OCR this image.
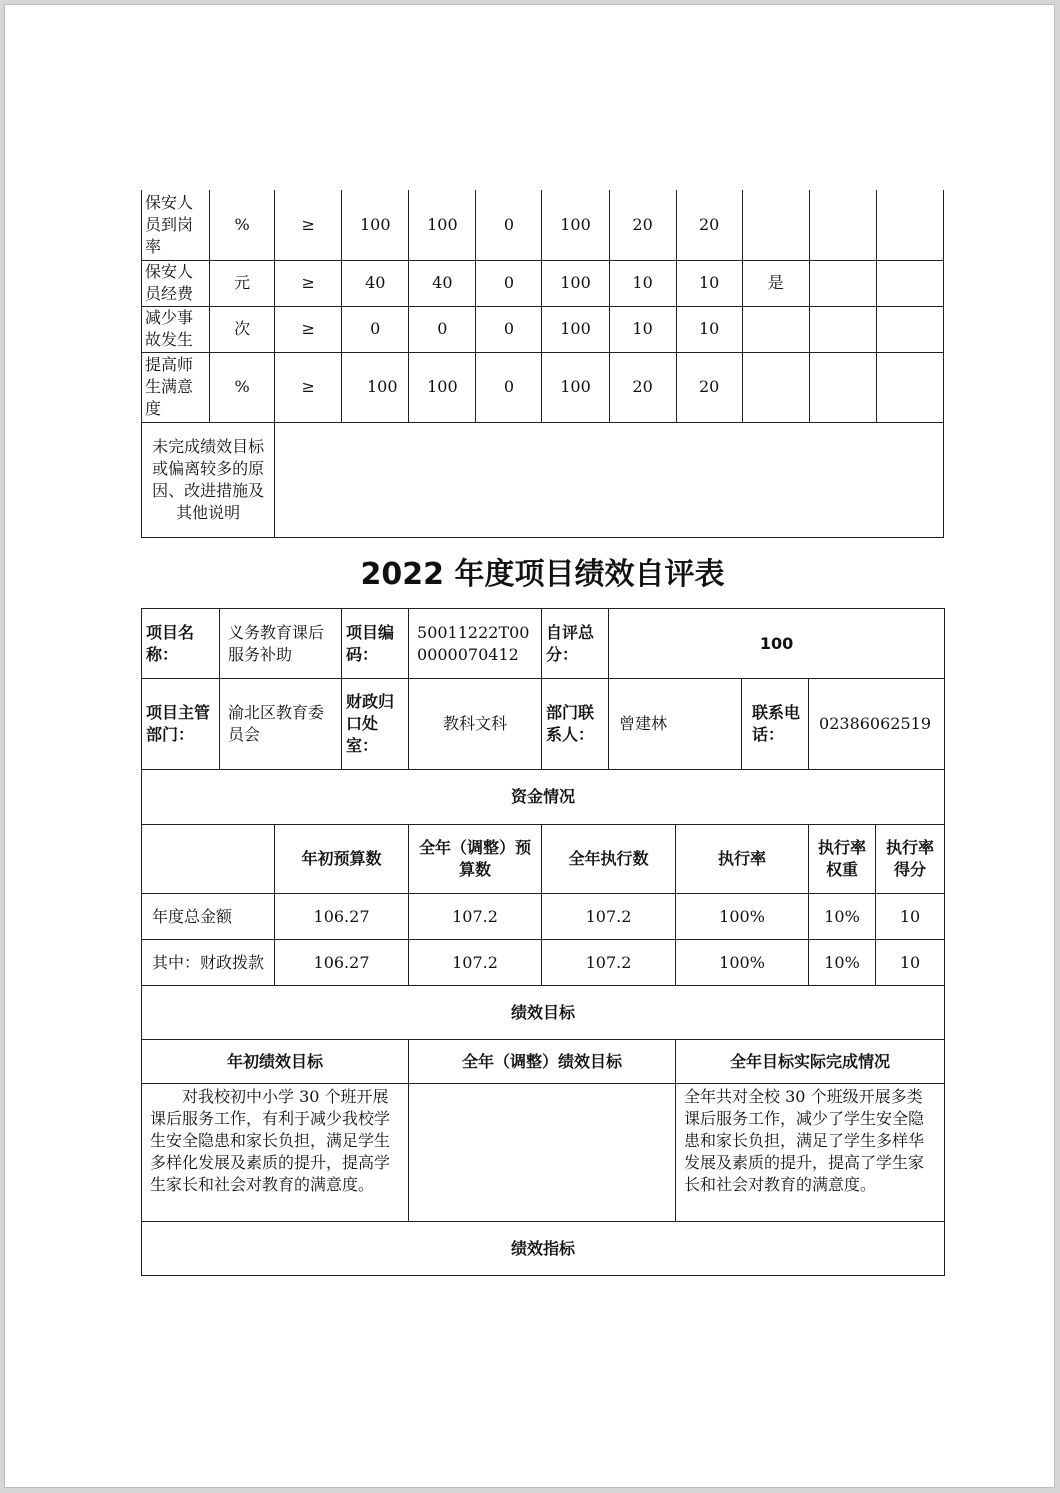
保安人员到岗率	%	≥	100	100	0	100	20	20			
保安人员经费	元	≥	40	40	0	100	10	10	是		
减少事故发生	次	≥	0	0	0	100	10	10			
提高师生满意度	%	≥	100	100	0	100	20	20			
未完成绩效目标或偏离较多的原因、改进措施及其他说明											
2022 年度项目绩效自评表
项目名称：	义务教育课后服务补助		项目编码：	50011222T000000070412	自评总分：	100				
项目主管部门：	渝北区教育委员会		财政归口处室：	教科文科	部门联系人：	曾建林		联系电话：	02386062519	
资金情况										
		年初预算数		全年（调整）预算数	全年执行数		执行率		执行率权重	执行率得分
年度总金额		106.27		107.2	107.2		100%		10%	10
其中：财政拨款		106.27		107.2	107.2		100%		10%	10
绩效目标										
年初绩效目标				全年（调整）绩效目标			全年目标实际完成情况			
对我校初中小学 30 个班开展课后服务工作，有利于减少我校学生安全隐患和家长负担，满足学生多样化发展及素质的提升，提高学生家长和社会对教育的满意度。							全年共对全校 30 个班级开展多类课后服务工作，减少了学生安全隐患和家长负担，满足了学生多样华发展及素质的提升，提高了学生家长和社会对教育的满意度。			
绩效指标										
